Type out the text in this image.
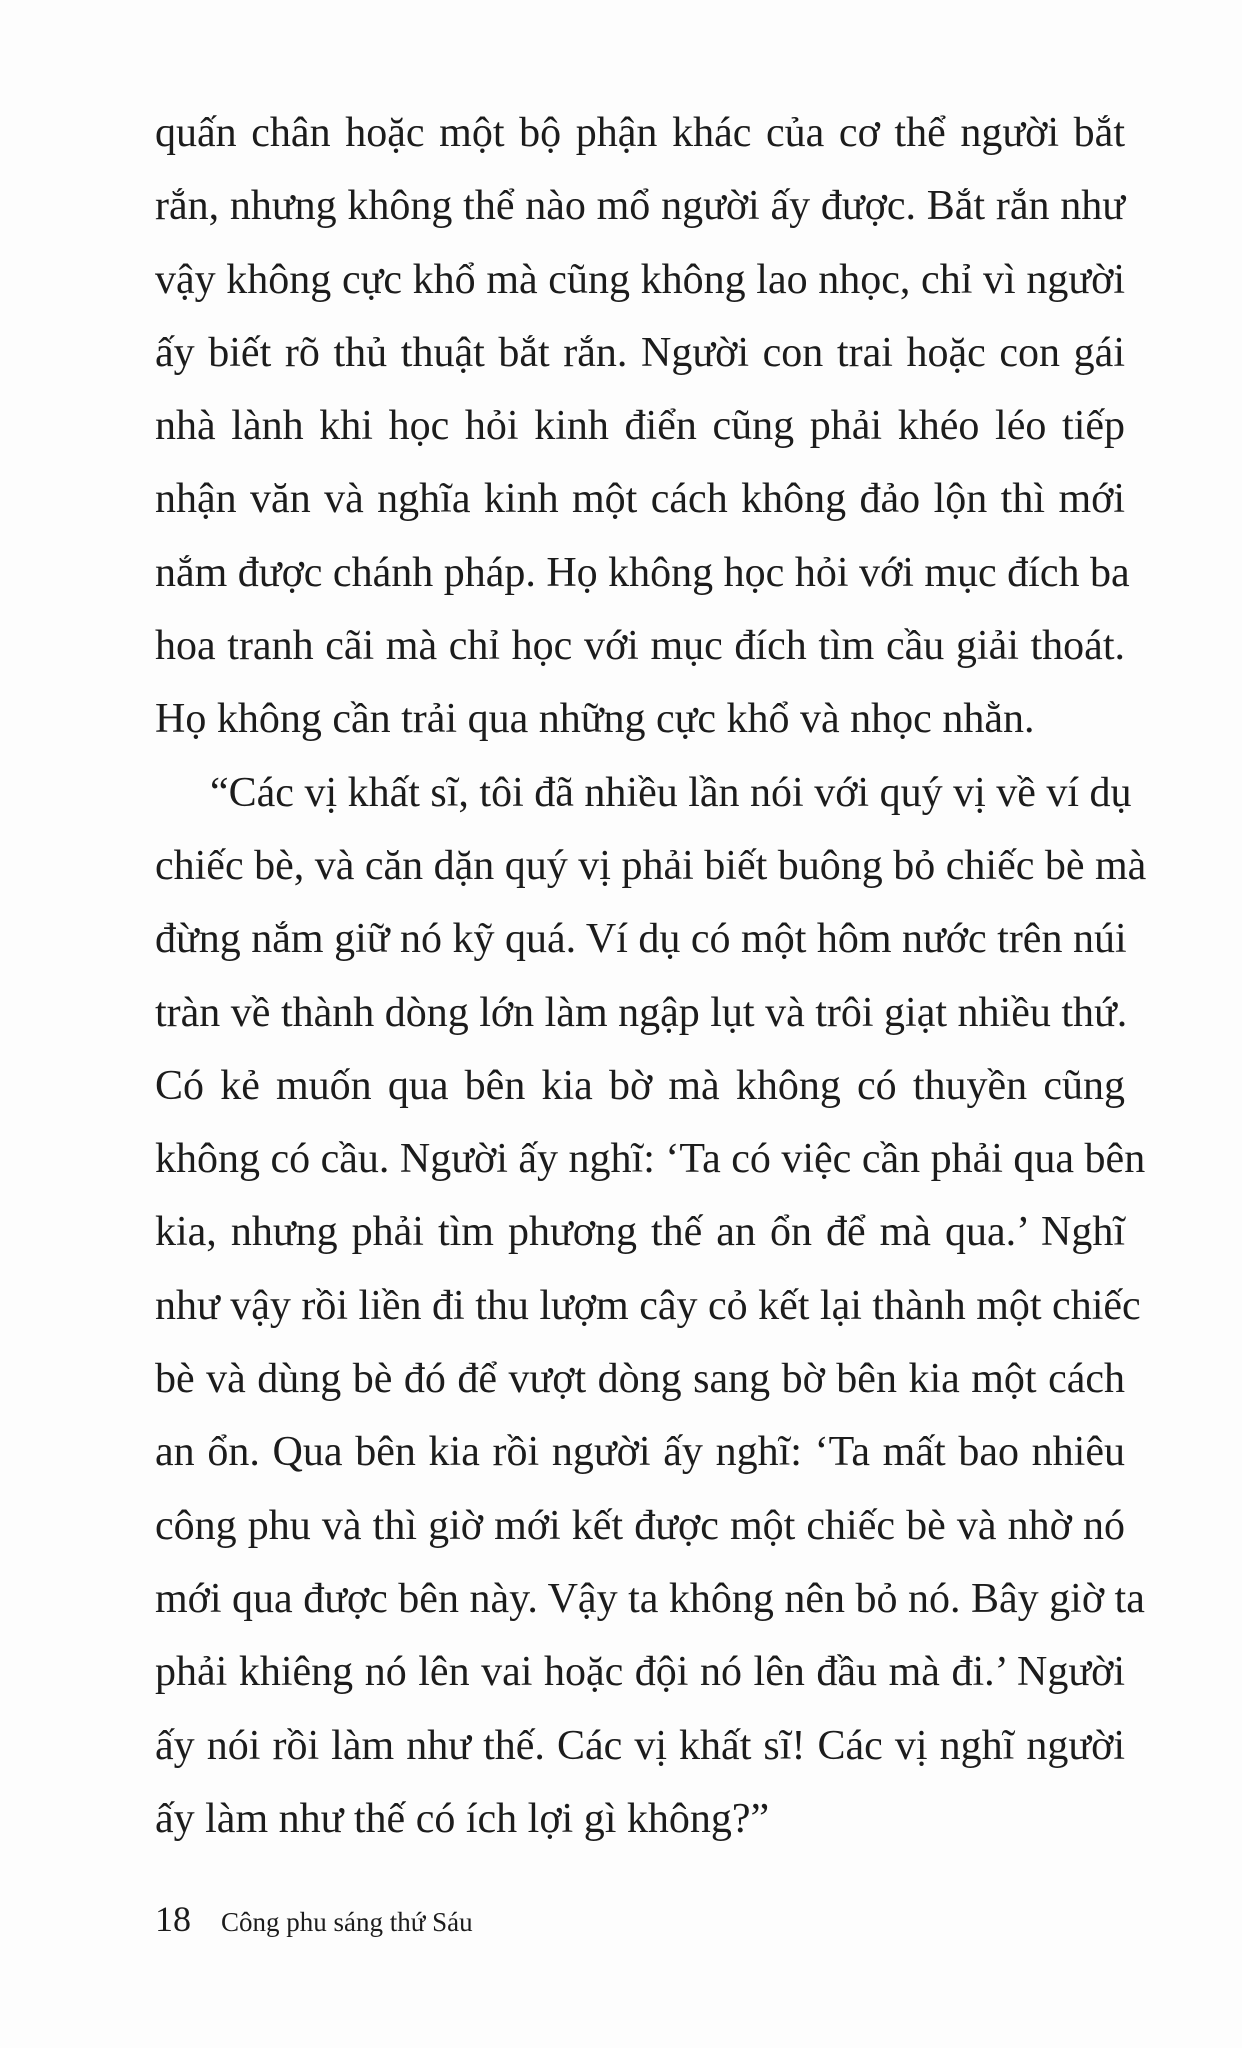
quấn chân hoặc một bộ phận khác của cơ thể người bắt
rắn, nhưng không thể nào mổ người ấy được. Bắt rắn như
vậy không cực khổ mà cũng không lao nhọc, chỉ vì người
ấy biết rõ thủ thuật bắt rắn. Người con trai hoặc con gái
nhà lành khi học hỏi kinh điển cũng phải khéo léo tiếp
nhận văn và nghĩa kinh một cách không đảo lộn thì mới
nắm được chánh pháp. Họ không học hỏi với mục đích ba
hoa tranh cãi mà chỉ học với mục đích tìm cầu giải thoát.
Họ không cần trải qua những cực khổ và nhọc nhằn.
“Các vị khất sĩ, tôi đã nhiều lần nói với quý vị về ví dụ
chiếc bè, và căn dặn quý vị phải biết buông bỏ chiếc bè mà
đừng nắm giữ nó kỹ quá. Ví dụ có một hôm nước trên núi
tràn về thành dòng lớn làm ngập lụt và trôi giạt nhiều thứ.
Có kẻ muốn qua bên kia bờ mà không có thuyền cũng
không có cầu. Người ấy nghĩ: ‘Ta có việc cần phải qua bên
kia, nhưng phải tìm phương thế an ổn để mà qua.’ Nghĩ
như vậy rồi liền đi thu lượm cây cỏ kết lại thành một chiếc
bè và dùng bè đó để vượt dòng sang bờ bên kia một cách
an ổn. Qua bên kia rồi người ấy nghĩ: ‘Ta mất bao nhiêu
công phu và thì giờ mới kết được một chiếc bè và nhờ nó
mới qua được bên này. Vậy ta không nên bỏ nó. Bây giờ ta
phải khiêng nó lên vai hoặc đội nó lên đầu mà đi.’ Người
ấy nói rồi làm như thế. Các vị khất sĩ! Các vị nghĩ người
ấy làm như thế có ích lợi gì không?”
18 Công phu sáng thứ Sáu
